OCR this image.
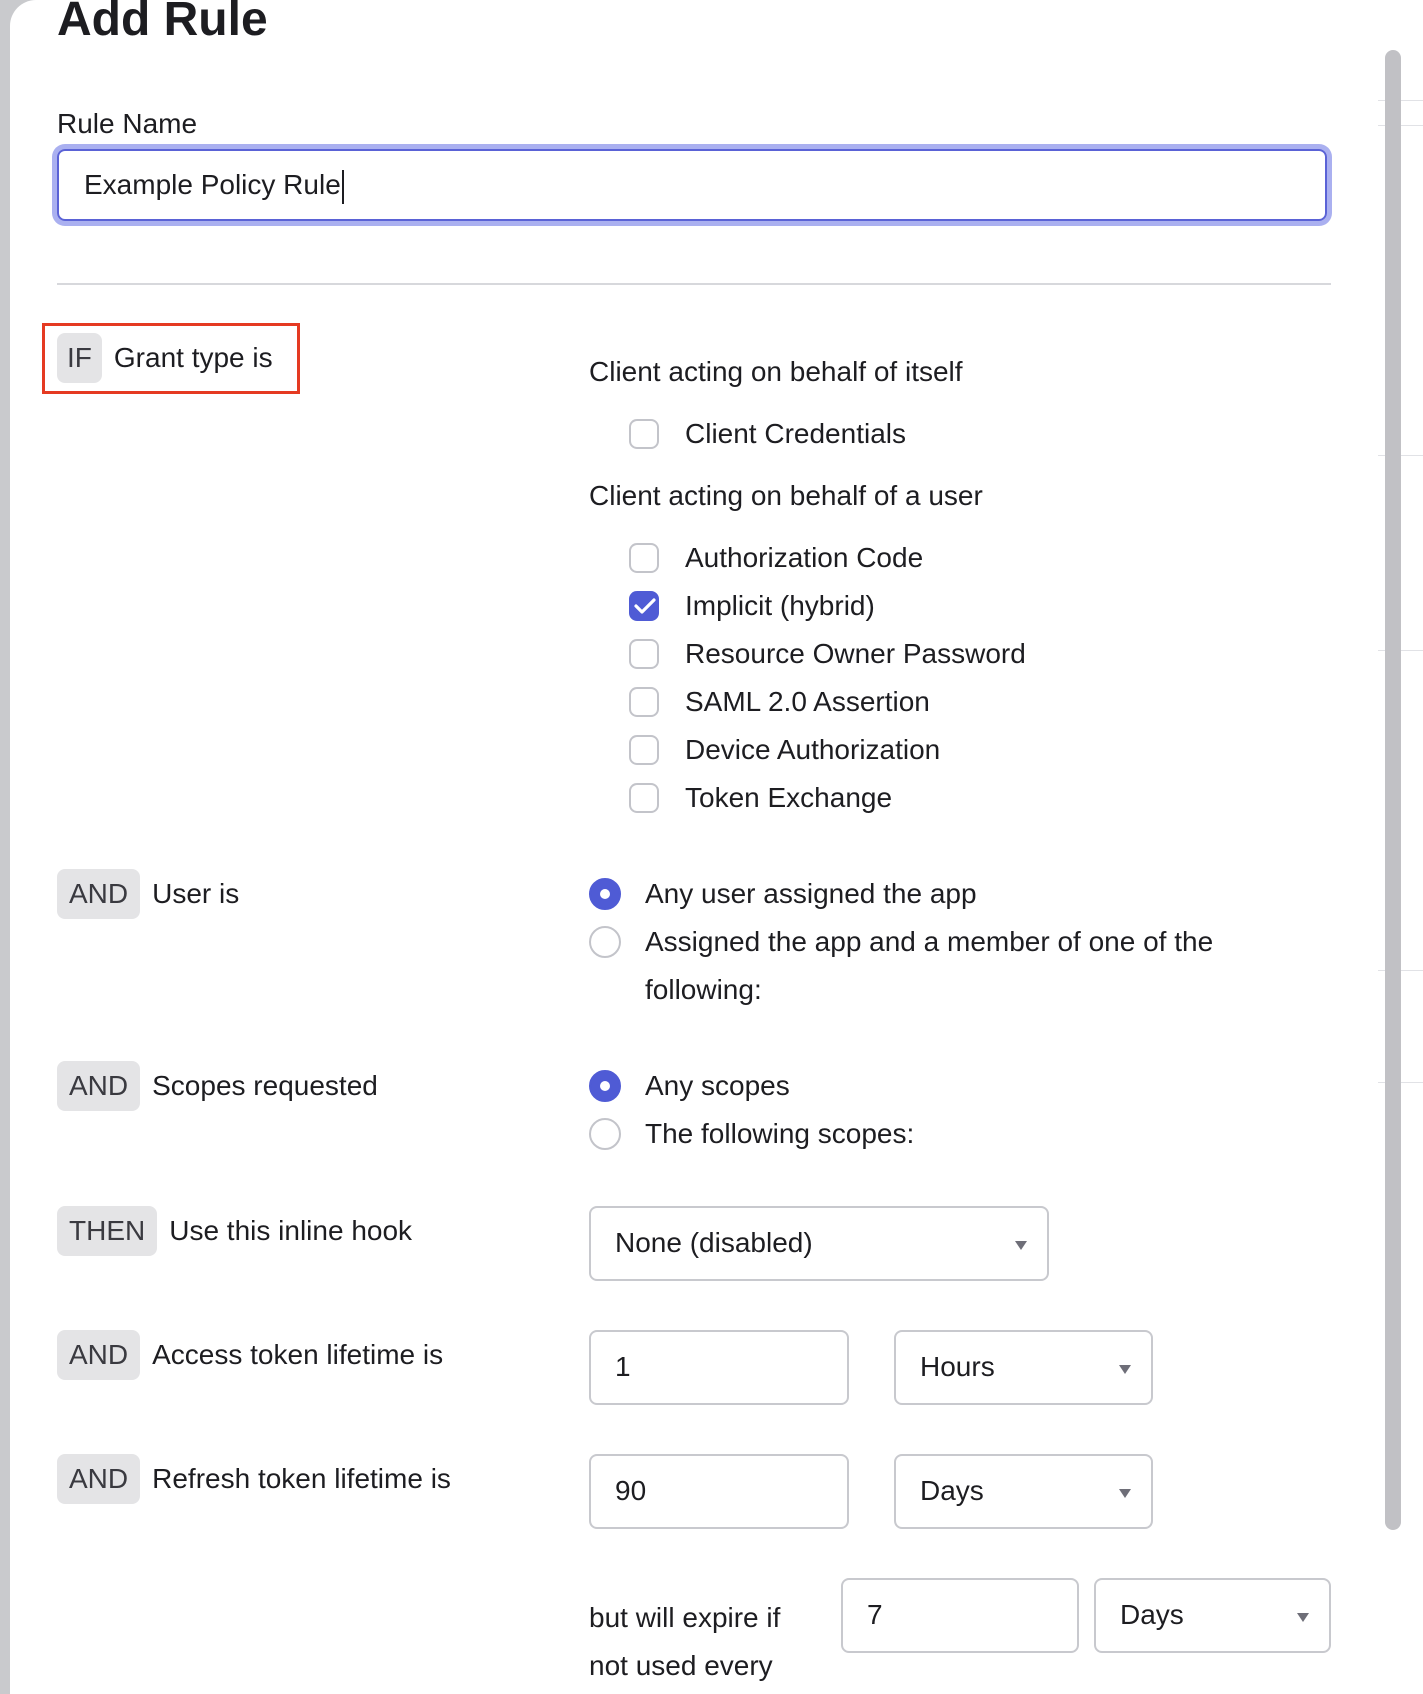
Add Rule
Rule Name
Example Policy Rule
IF Grant type is	Client acting on behalf of itself
Client Credentials
Client acting on behalf of a user
Authorization Code
Implicit (hybrid)
Resource Owner Password
SAML 2.0 Assertion
Device Authorization
Token Exchange
AND User is	Any user assigned the app
Assigned the app and a member of one of the
following:
AND Scopes requested	Any scopes
The following scopes:
THEN Use this inline hook	None (disabled)
AND Access token lifetime is	1	Hours
AND Refresh token lifetime is	90	Days
but will expire if
not used every
7	Days
